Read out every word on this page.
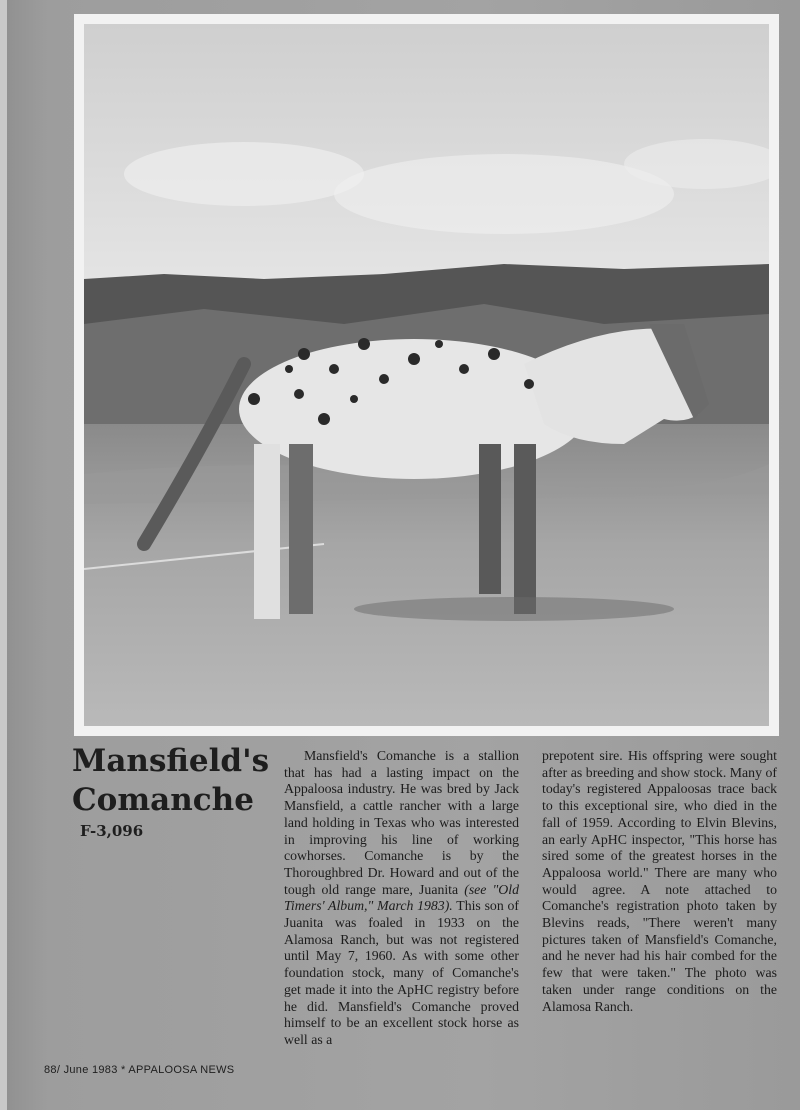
Mansfield's Comanche
F-3,096

Mansfield's Comanche is a stallion that has had a lasting impact on the Appaloosa industry. He was bred by Jack Mansfield, a cattle rancher with a large land holding in Texas who was interested in improving his line of working cowhorses. Comanche is by the Thoroughbred Dr. Howard and out of the tough old range mare, Juanita (see "Old Timers' Album," March 1983). This son of Juanita was foaled in 1933 on the Alamosa Ranch, but was not registered until May 7, 1960. As with some other foundation stock, many of Comanche's get made it into the ApHC registry before he did. Mansfield's Comanche proved himself to be an excellent stock horse as well as a

prepotent sire. His offspring were sought after as breeding and show stock. Many of today's registered Appaloosas trace back to this exceptional sire, who died in the fall of 1959. According to Elvin Blevins, an early ApHC inspector, "This horse has sired some of the greatest horses in the Appaloosa world." There are many who would agree. A note attached to Comanche's registration photo taken by Blevins reads, "There weren't many pictures taken of Mansfield's Comanche, and he never had his hair combed for the few that were taken." The photo was taken under range conditions on the Alamosa Ranch.

88/ June 1983 * APPALOOSA NEWS
